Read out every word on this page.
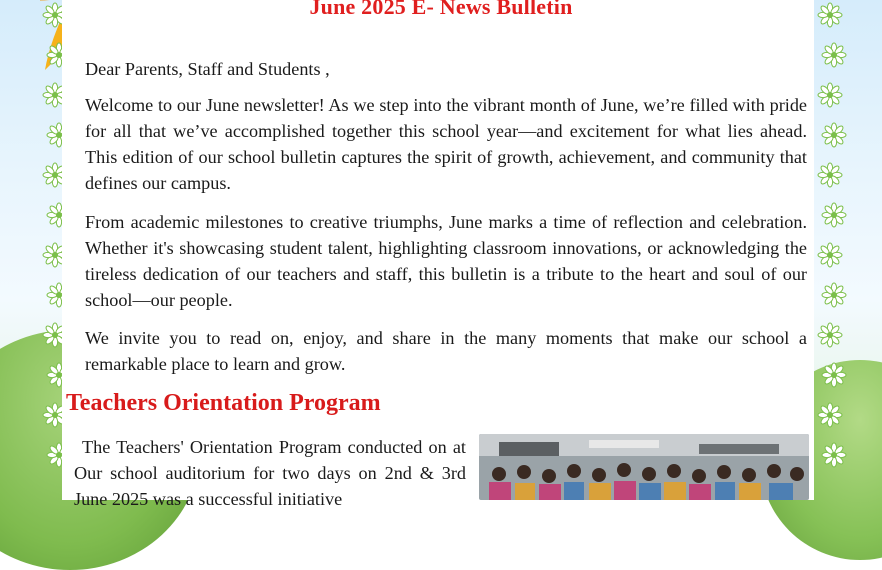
June 2025 E- News Bulletin
Dear Parents, Staff and Students ,
Welcome to our June newsletter! As we step into the vibrant month of June, we’re filled with pride for all that we’ve accomplished together this school year—and excitement for what lies ahead. This edition of our school bulletin captures the spirit of growth, achievement, and community that defines our campus.
From academic milestones to creative triumphs, June marks a time of reflection and celebration. Whether it's showcasing student talent, highlighting classroom innovations, or acknowledging the tireless dedication of our teachers and staff, this bulletin is a tribute to the heart and soul of our school—our people.
We invite you to read on, enjoy, and share in the many moments that make our school a remarkable place to learn and grow.
Teachers Orientation Program
The Teachers' Orientation Program conducted on at Our school auditorium for two days on 2nd & 3rd June 2025 was a successful initiative
